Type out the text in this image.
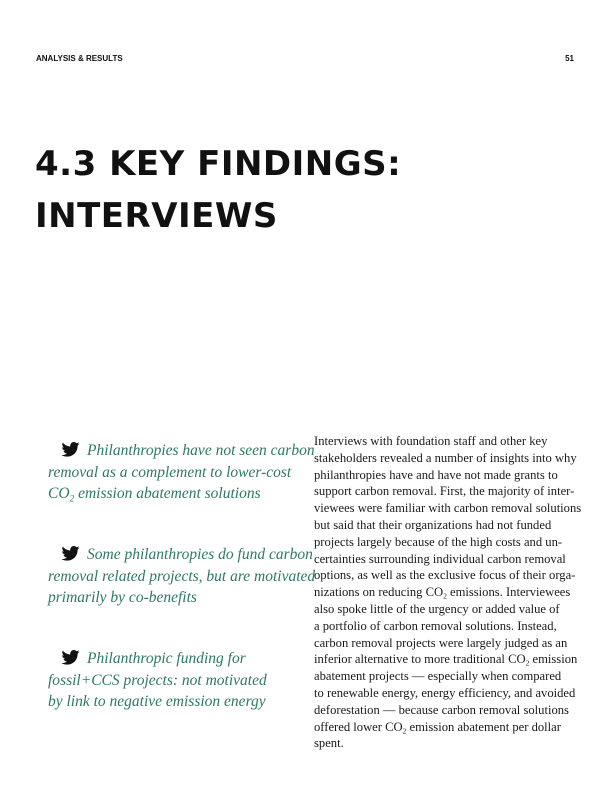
ANALYSIS & RESULTS	51
4.3 KEY FINDINGS:
INTERVIEWS
Philanthropies have not seen carbon
removal as a complement to lower-cost
$CO_2$ emission abatement solutions
Some philanthropies do fund carbon
removal related projects, but are motivated
primarily by co-benefits
Philanthropic funding for
fossil+CCS projects: not motivated
by link to negative emission energy
Interviews with foundation staff and other key
stakeholders revealed a number of insights into why
philanthropies have and have not made grants to
support carbon removal. First, the majority of inter-
viewees were familiar with carbon removal solutions
but said that their organizations had not funded
projects largely because of the high costs and un-
certainties surrounding individual carbon removal
options, as well as the exclusive focus of their orga-
nizations on reducing $CO_2$ emissions. Interviewees
also spoke little of the urgency or added value of
a portfolio of carbon removal solutions. Instead,
carbon removal projects were largely judged as an
inferior alternative to more traditional $CO_2$ emission
abatement projects — especially when compared
to renewable energy, energy efficiency, and avoided
deforestation — because carbon removal solutions
offered lower $CO_2$ emission abatement per dollar
spent.
